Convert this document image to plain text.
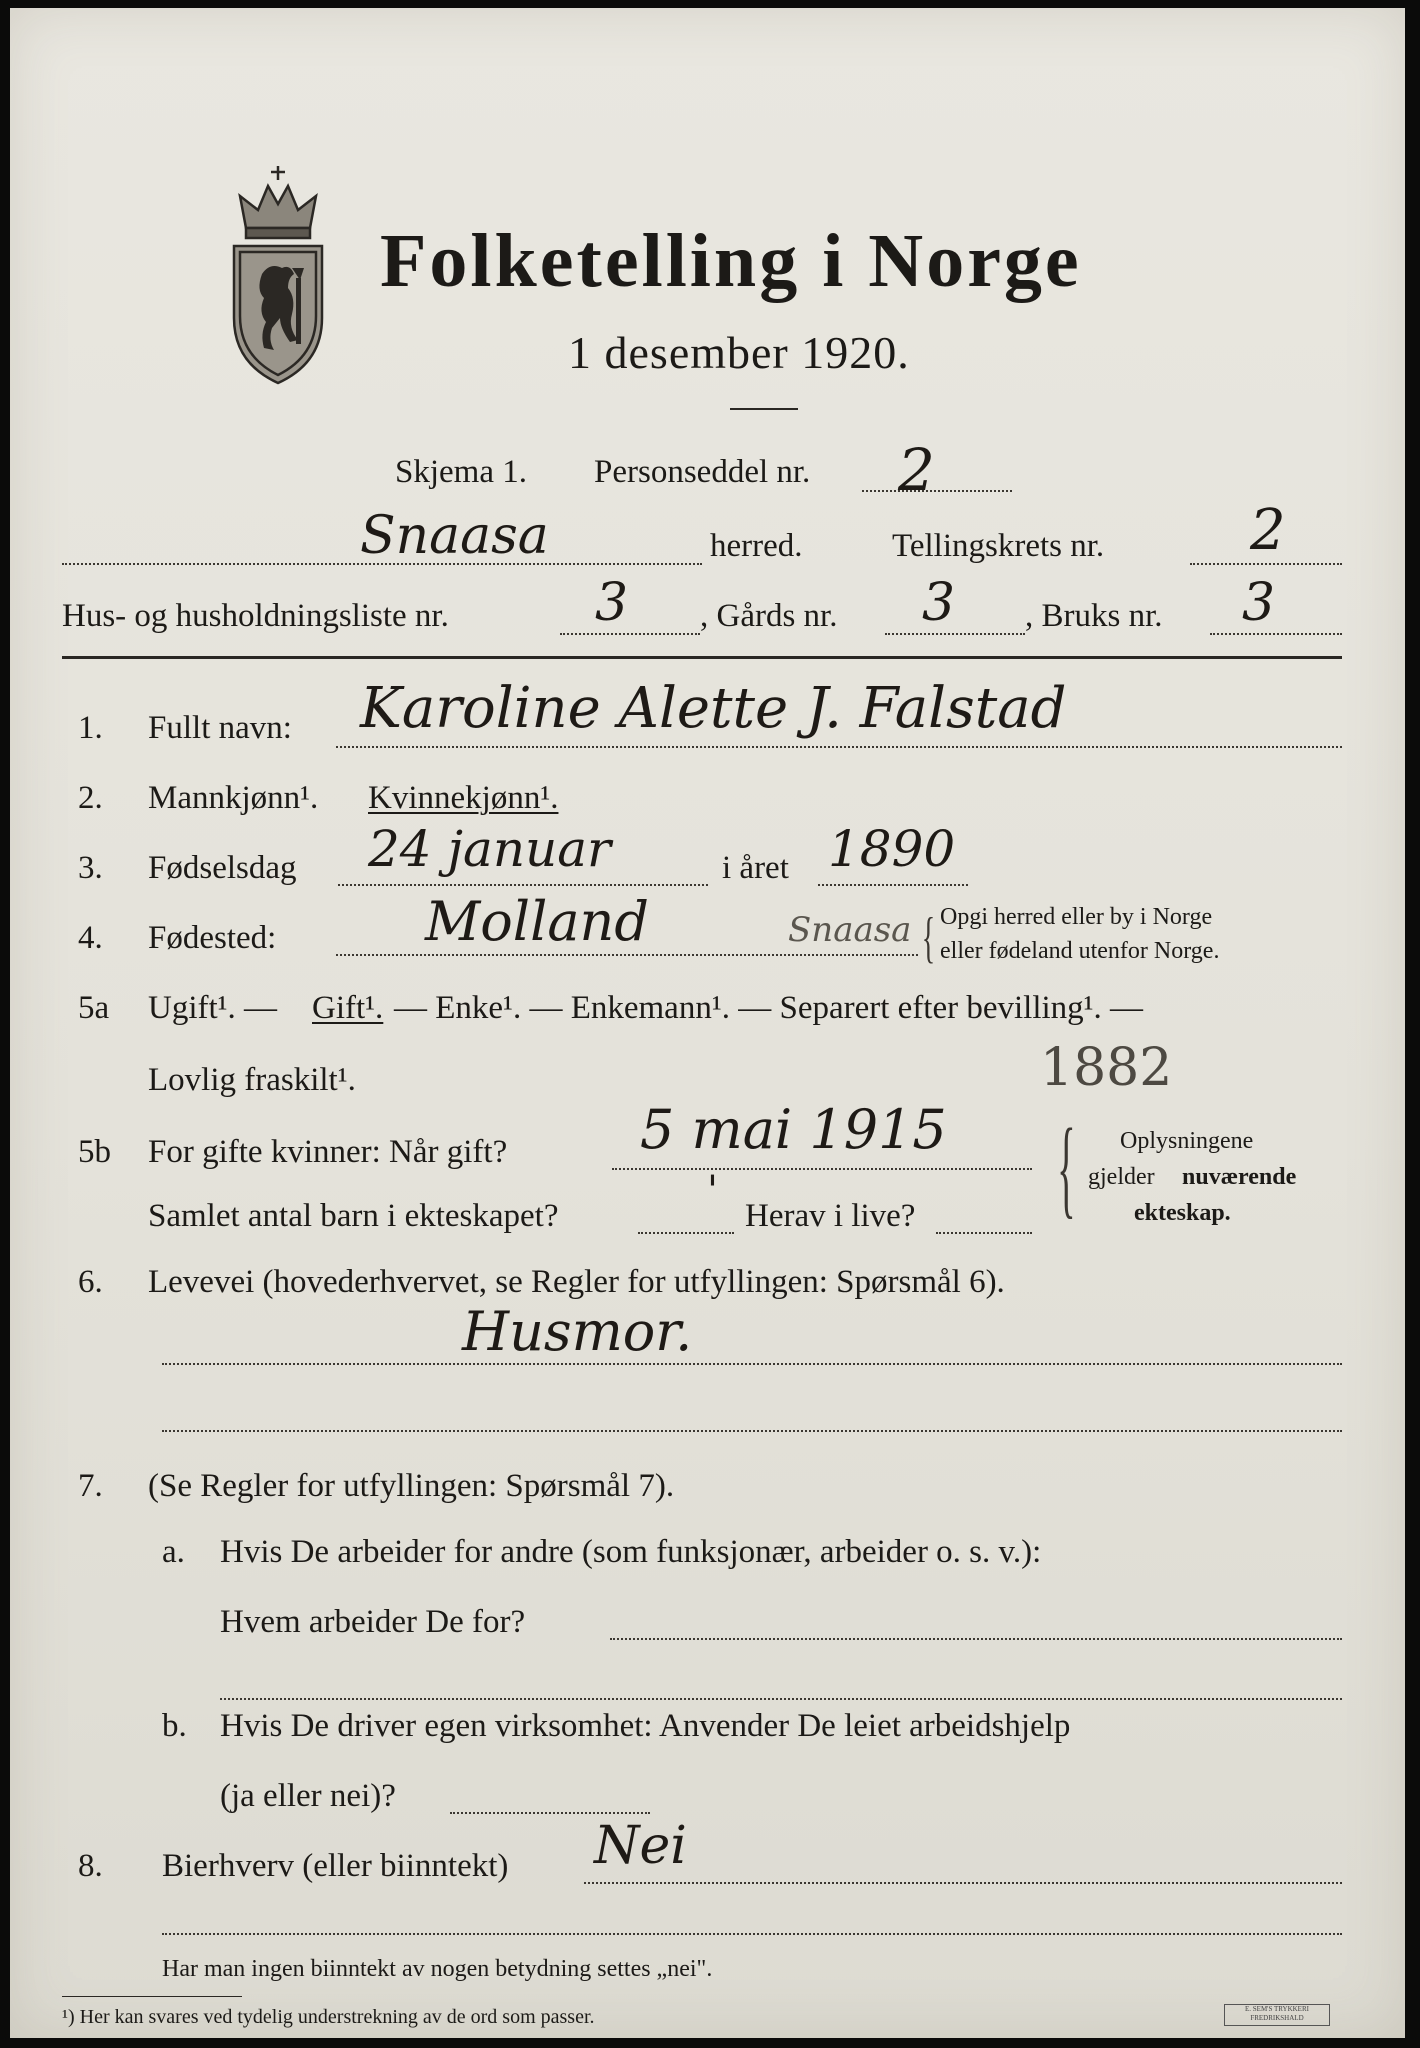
Folketelling i Norge
1 desember 1920.
Skjema 1. Personseddel nr. 2
Snaasa	herred.	Tellingskrets nr.	2
Hus- og husholdningsliste nr.	3 , Gårds nr. 3 , Bruks nr. 3
1. Fullt navn: Karoline Alette J. Falstad
2. Mannkjønn¹. Kvinnekjønn¹.
3. Fødselsdag 24 januar	i året 1890
4. Fødested:	Molland	Snaasa { Opgi herred eller by i Norge
eller fødeland utenfor Norge.
5a Ugift¹. — Gift¹. — Enke¹. — Enkemann¹. — Separert efter bevilling¹. —
Lovlig fraskilt¹.	1882
5b For gifte kvinner: Når gift? 5 mai 1915
Samlet antal barn i ekteskapet?
'
Herav i live? { Oplysningene
gjelder nuværende
ekteskap.
6. Levevei (hovederhvervet, se Regler for utfyllingen: Spørsmål 6).
Husmor.
7. (Se Regler for utfyllingen: Spørsmål 7).
a. Hvis De arbeider for andre (som funksjonær, arbeider o. s. v.):
Hvem arbeider De for?
b. Hvis De driver egen virksomhet: Anvender De leiet arbeidshjelp
(ja eller nei)?
8. Bierhverv (eller biinntekt) Nei
Har man ingen biinntekt av nogen betydning settes „nei".
¹) Her kan svares ved tydelig understrekning av de ord som passer.	E. SEM'S TRYKKERI
FREDRIKSHALD
